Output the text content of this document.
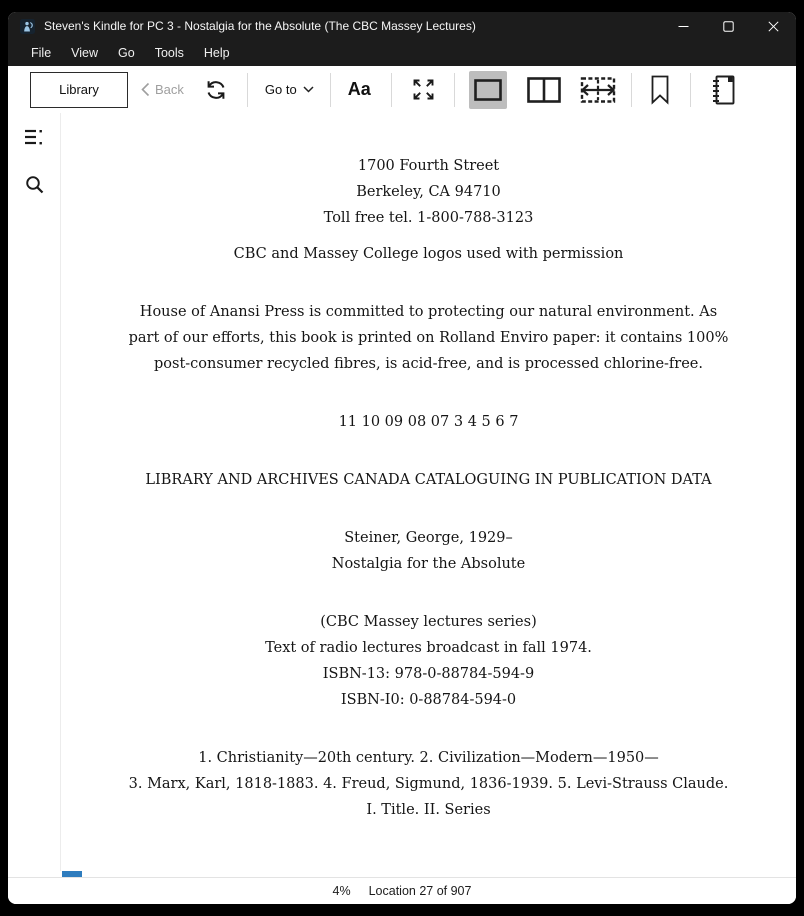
Steven's Kindle for PC 3 - Nostalgia for the Absolute (The CBC Massey Lectures)
File	View	Go	Tools	Help
Library	Back	Go to	Aa
1700 Fourth Street
Berkeley, CA 94710
Toll free tel. 1-800-788-3123
CBC and Massey College logos used with permission
House of Anansi Press is committed to protecting our natural environment. As
part of our efforts, this book is printed on Rolland Enviro paper: it contains 100%
post-consumer recycled fibres, is acid-free, and is processed chlorine-free.
11 10 09 08 07 3 4 5 6 7
LIBRARY AND ARCHIVES CANADA CATALOGUING IN PUBLICATION DATA
Steiner, George, 1929–
Nostalgia for the Absolute
(CBC Massey lectures series)
Text of radio lectures broadcast in fall 1974.
ISBN-13: 978-0-88784-594-9
ISBN-I0: 0-88784-594-0
1. Christianity—20th century. 2. Civilization—Modern—1950—
3. Marx, Karl, 1818-1883. 4. Freud, Sigmund, 1836-1939. 5. Levi-Strauss Claude.
I. Title. II. Series
4% Location 27 of 907
